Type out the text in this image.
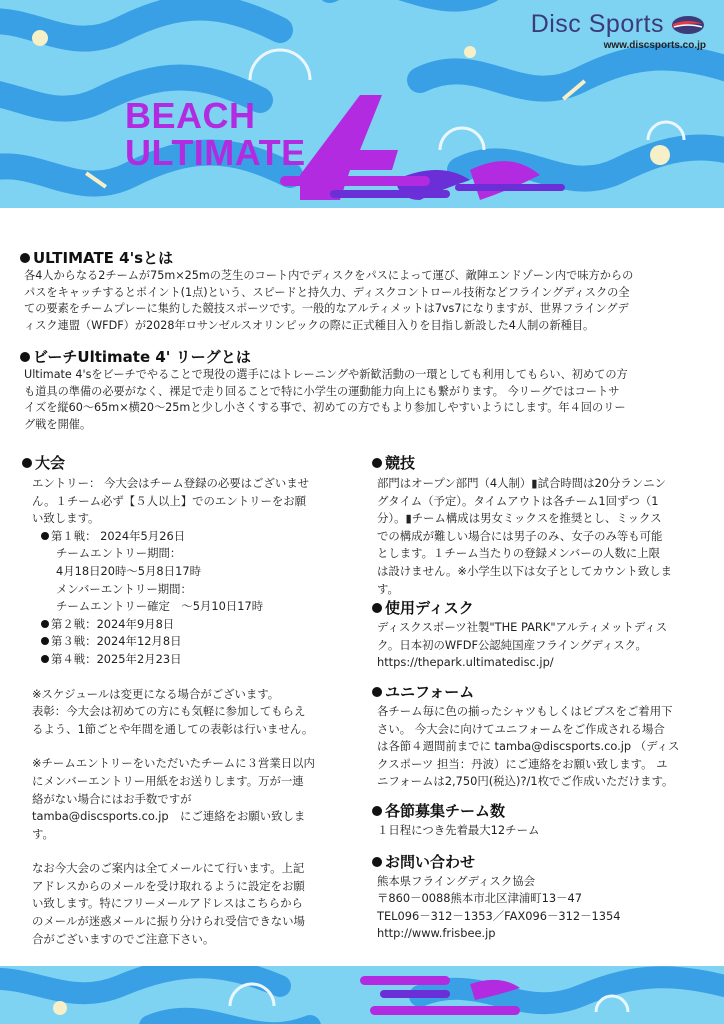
BEACH
ULTIMATE
Disc Sports
www.discsports.co.jp
ULTIMATE 4'sとは

各4人からなる2チームが75m×25mの芝生のコート内でディスクをパスによって運び、敵陣エンドゾーン内で味方からの

パスをキャッチするとポイント(1点)という、スピードと持久力、ディスクコントロール技術などフライングディスクの全

ての要素をチームプレーに集約した競技スポーツです。一般的なアルティメットは7vs7になりますが、世界フライングデ

ィスク連盟（WFDF）が2028年ロサンゼルスオリンピックの際に正式種目入りを目指し新設した4人制の新種目。

ビーチUltimate 4' リーグとは

Ultimate 4'sをビーチでやることで現役の選手にはトレーニングや新歓活動の一環としても利用してもらい、初めての方

も道具の準備の必要がなく、裸足で走り回ることで特に小学生の運動能力向上にも繋がります。 今リーグではコートサ

イズを縦60～65m×横20～25mと少し小さくする事で、初めての方でもより参加しやすいようにします。年４回のリー

グ戦を開催。

大会

エントリー： 今大会はチーム登録の必要はございませ

ん。１チーム必ず【５人以上】でのエントリーをお願

い致します。

第１戦： 2024年5月26日

チームエントリー期間：

4月18日20時～5月8日17時

メンバーエントリー期間：

チームエントリー確定　～5月10日17時

第２戦：2024年9月8日

第３戦：2024年12月8日

第４戦：2025年2月23日

※スケジュールは変更になる場合がございます。

表彰：今大会は初めての方にも気軽に参加してもらえ

るよう、1節ごとや年間を通しての表彰は行いません。

※チームエントリーをいただいたチームに３営業日以内

にメンバーエントリー用紙をお送りします。万が一連

絡がない場合にはお手数ですが

tamba@discsports.co.jp　にご連絡をお願い致しま

す。

なお今大会のご案内は全てメールにて行います。上記

アドレスからのメールを受け取れるように設定をお願

い致します。特にフリーメールアドレスはこちらから

のメールが迷惑メールに振り分けられ受信できない場

合がございますのでご注意下さい。

競技

部門はオープン部門（4人制）▮試合時間は20分ランニン

グタイム（予定）。タイムアウトは各チーム1回ずつ（1

分）。▮チーム構成は男女ミックスを推奨とし、ミックス

での構成が難しい場合には男子のみ、女子のみ等も可能

とします。１チーム当たりの登録メンバーの人数に上限

は設けません。※小学生以下は女子としてカウント致しま

す。

使用ディスク

ディスクスポーツ社製"THE PARK"アルティメットディス

ク。日本初のWFDF公認純国産フライングディスク。

https://thepark.ultimatedisc.jp/

ユニフォーム

各チーム毎に色の揃ったシャツもしくはビブスをご着用下

さい。 今大会に向けてユニフォームをご作成される場合

は各節４週間前までに tamba@discsports.co.jp （ディス

クスポーツ 担当：丹波）にご連絡をお願い致します。 ユ

ニフォームは2,750円(税込)?/1枚でご作成いただけます。

各節募集チーム数

１日程につき先着最大12チーム

お問い合わせ

熊本県フライングディスク協会

〒860－0088熊本市北区津浦町13－47

TEL096－312－1353／FAX096－312－1354

http://www.frisbee.jp
